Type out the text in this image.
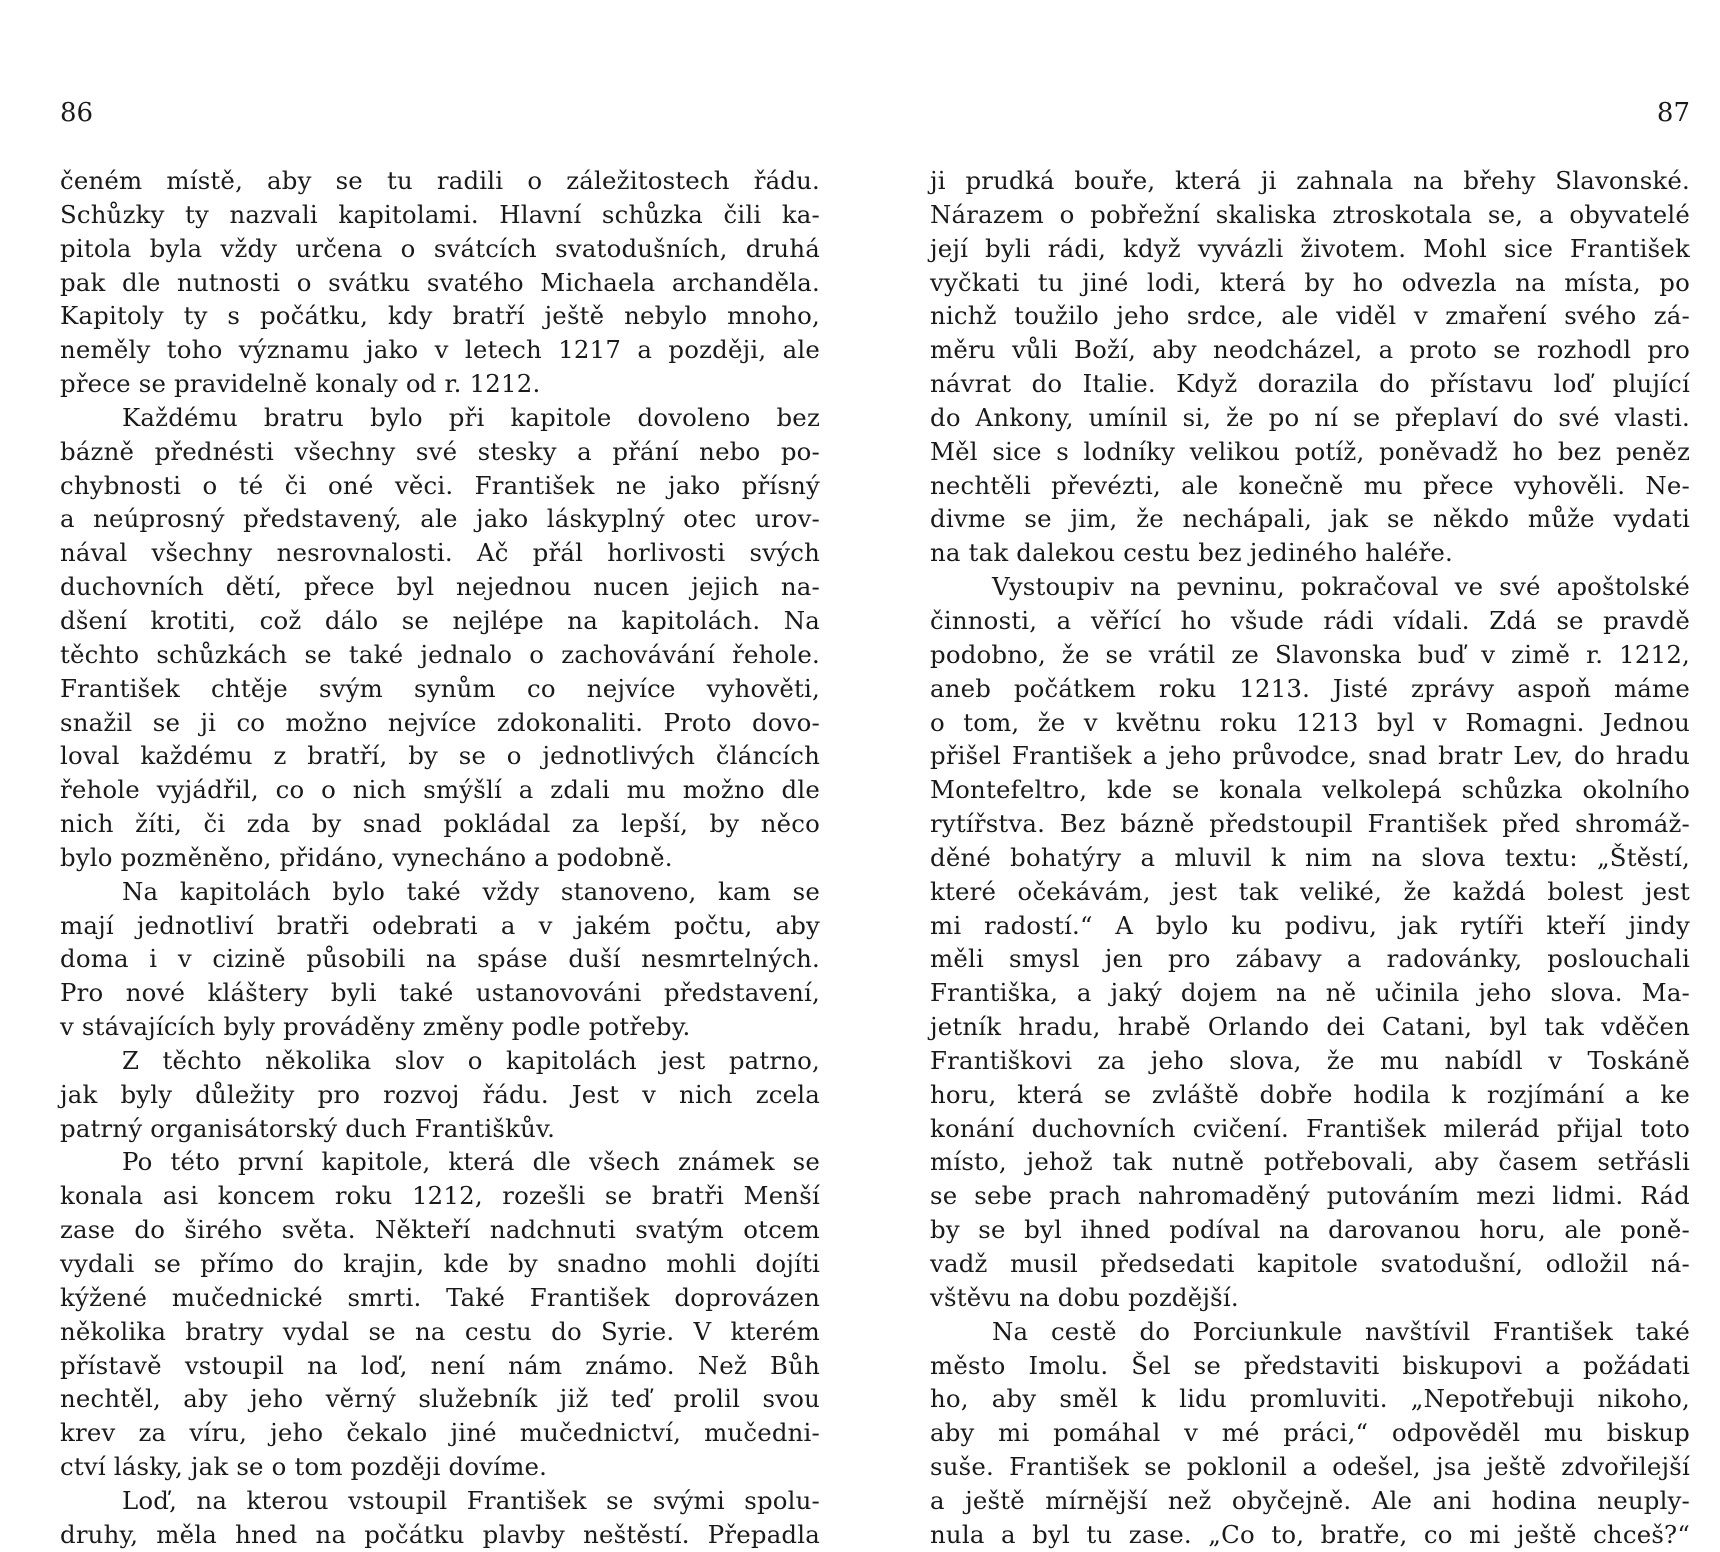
86
čeném místě, aby se tu radili o záležitostech řádu.
Schůzky ty nazvali kapitolami. Hlavní schůzka čili ka-
pitola byla vždy určena o svátcích svatodušních, druhá
pak dle nutnosti o svátku svatého Michaela archanděla.
Kapitoly ty s počátku, kdy bratří ještě nebylo mnoho,
neměly toho významu jako v letech 1217 a později, ale
přece se pravidelně konaly od r. 1212.
Každému bratru bylo při kapitole dovoleno bez
bázně přednésti všechny své stesky a přání nebo po-
chybnosti o té či oné věci. František ne jako přísný
a neúprosný představený, ale jako láskyplný otec urov-
nával všechny nesrovnalosti. Ač přál horlivosti svých
duchovních dětí, přece byl nejednou nucen jejich na-
dšení krotiti, což dálo se nejlépe na kapitolách. Na
těchto schůzkách se také jednalo o zachovávání řehole.
František chtěje svým synům co nejvíce vyhověti,
snažil se ji co možno nejvíce zdokonaliti. Proto dovo-
loval každému z bratří, by se o jednotlivých článcích
řehole vyjádřil, co o nich smýšlí a zdali mu možno dle
nich žíti, či zda by snad pokládal za lepší, by něco
bylo pozměněno, přidáno, vynecháno a podobně.
Na kapitolách bylo také vždy stanoveno, kam se
mají jednotliví bratři odebrati a v jakém počtu, aby
doma i v cizině působili na spáse duší nesmrtelných.
Pro nové kláštery byli také ustanovováni představení,
v stávajících byly prováděny změny podle potřeby.
Z těchto několika slov o kapitolách jest patrno,
jak byly důležity pro rozvoj řádu. Jest v nich zcela
patrný organisátorský duch Františkův.
Po této první kapitole, která dle všech známek se
konala asi koncem roku 1212, rozešli se bratři Menší
zase do širého světa. Někteří nadchnuti svatým otcem
vydali se přímo do krajin, kde by snadno mohli dojíti
kýžené mučednické smrti. Také František doprovázen
několika bratry vydal se na cestu do Syrie. V kterém
přístavě vstoupil na loď, není nám známo. Než Bůh
nechtěl, aby jeho věrný služebník již teď prolil svou
krev za víru, jeho čekalo jiné mučednictví, mučedni-
ctví lásky, jak se o tom později dovíme.
Loď, na kterou vstoupil František se svými spolu-
druhy, měla hned na počátku plavby neštěstí. Přepadla
87
ji prudká bouře, která ji zahnala na břehy Slavonské.
Nárazem o pobřežní skaliska ztroskotala se, a obyvatelé
její byli rádi, když vyvázli životem. Mohl sice František
vyčkati tu jiné lodi, která by ho odvezla na místa, po
nichž toužilo jeho srdce, ale viděl v zmaření svého zá-
měru vůli Boží, aby neodcházel, a proto se rozhodl pro
návrat do Italie. Když dorazila do přístavu loď plující
do Ankony, umínil si, že po ní se přeplaví do své vlasti.
Měl sice s lodníky velikou potíž, poněvadž ho bez peněz
nechtěli převézti, ale konečně mu přece vyhověli. Ne-
divme se jim, že nechápali, jak se někdo může vydati
na tak dalekou cestu bez jediného haléře.
Vystoupiv na pevninu, pokračoval ve své apoštolské
činnosti, a věřící ho všude rádi vídali. Zdá se pravdě
podobno, že se vrátil ze Slavonska buď v zimě r. 1212,
aneb počátkem roku 1213. Jisté zprávy aspoň máme
o tom, že v květnu roku 1213 byl v Romagni. Jednou
přišel František a jeho průvodce, snad bratr Lev, do hradu
Montefeltro, kde se konala velkolepá schůzka okolního
rytířstva. Bez bázně předstoupil František před shromáž-
děné bohatýry a mluvil k nim na slova textu: „Štěstí,
které očekávám, jest tak veliké, že každá bolest jest
mi radostí.“ A bylo ku podivu, jak rytíři kteří jindy
měli smysl jen pro zábavy a radovánky, poslouchali
Františka, a jaký dojem na ně učinila jeho slova. Ma-
jetník hradu, hrabě Orlando dei Catani, byl tak vděčen
Františkovi za jeho slova, že mu nabídl v Toskáně
horu, která se zvláště dobře hodila k rozjímání a ke
konání duchovních cvičení. František milerád přijal toto
místo, jehož tak nutně potřebovali, aby časem setřásli
se sebe prach nahromaděný putováním mezi lidmi. Rád
by se byl ihned podíval na darovanou horu, ale poně-
vadž musil předsedati kapitole svatodušní, odložil ná-
vštěvu na dobu pozdější.
Na cestě do Porciunkule navštívil František také
město Imolu. Šel se představiti biskupovi a požádati
ho, aby směl k lidu promluviti. „Nepotřebuji nikoho,
aby mi pomáhal v mé práci,“ odpověděl mu biskup
suše. František se poklonil a odešel, jsa ještě zdvořilejší
a ještě mírnější než obyčejně. Ale ani hodina neuply-
nula a byl tu zase. „Co to, bratře, co mi ještě chceš?“
